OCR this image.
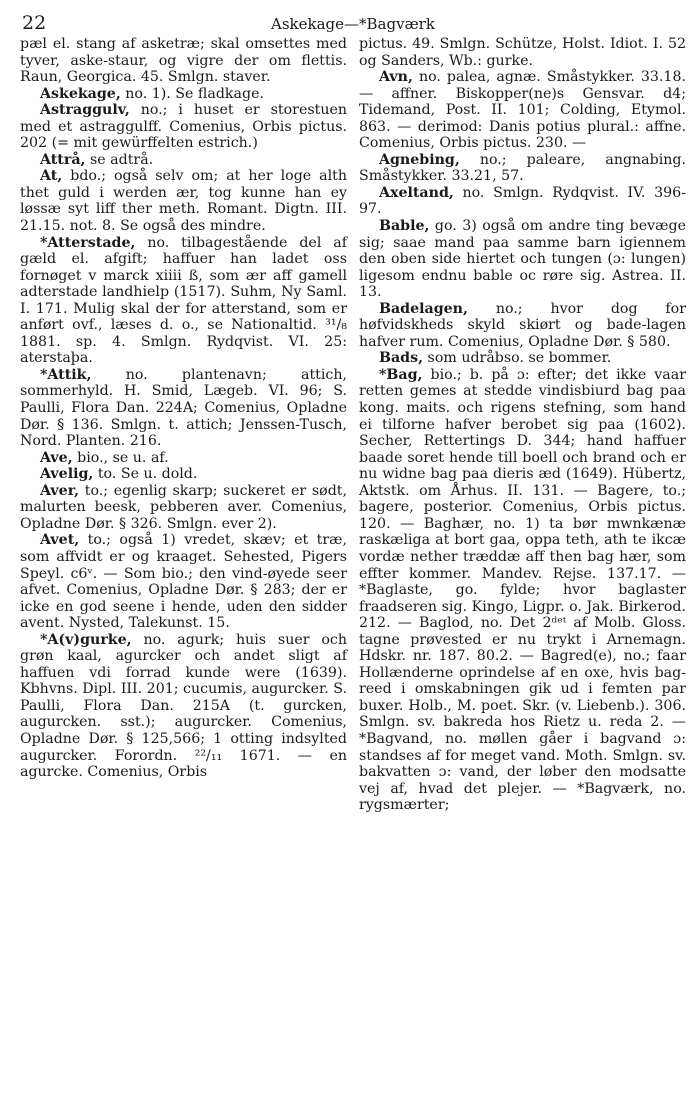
22	Askekage—*Bagværk

pæl el. stang af asketræ; skal omsettes med tyver, aske-staur, og vigre der om flettis. Raun, Georgica. 45. Smlgn. staver.

Askekage, no. 1). Se fladkage.

Astraggulv, no.; i huset er storestuen med et astraggulff. Comenius, Orbis pictus. 202 (= mit gewürffelten estrich.)

Attrå, se adtrå.

At, bdo.; også selv om; at her loge alth thet guld i werden ær, tog kunne han ey løssæ syt liff ther meth. Romant. Digtn. III. 21.15. not. 8. Se også des mindre.

*Atterstade, no. tilbagestående del af gæld el. afgift; haffuer han ladet oss fornøget v marck xiiii ß, som ær aff gamell adterstade landhielp (1517). Suhm, Ny Saml. I. 171. Mulig skal der for atterstand, som er anført ovf., læses d. o., se Nationaltid. ³¹/₈ 1881. sp. 4. Smlgn. Rydqvist. VI. 25: aterstaþa.

*Attik, no. plantenavn; attich, sommerhyld. H. Smid, Lægeb. VI. 96; S. Paulli, Flora Dan. 224A; Comenius, Opladne Dør. § 136. Smlgn. t. attich; Jenssen-Tusch, Nord. Planten. 216.

Ave, bio., se u. af.

Avelig, to. Se u. dold.

Aver, to.; egenlig skarp; suckeret er sødt, malurten beesk, pebberen aver. Comenius, Opladne Dør. § 326. Smlgn. ever 2).

Avet, to.; også 1) vredet, skæv; et træ, som affvidt er og kraaget. Sehested, Pigers Speyl. c6ᵛ. — Som bio.; den vind-øyede seer afvet. Comenius, Opladne Dør. § 283; der er icke en god seene i hende, uden den sidder avent. Nysted, Talekunst. 15.

*A(v)gurke, no. agurk; huis suer och grøn kaal, agurcker och andet sligt af haffuen vdi forrad kunde were (1639). Kbhvns. Dipl. III. 201; cucumis, augurcker. S. Paulli, Flora Dan. 215A (t. gurcken, augurcken. sst.); augurcker. Comenius, Opladne Dør. § 125,566; 1 otting indsylted augurcker. Forordn. ²²/₁₁ 1671. — en agurcke. Comenius, Orbis

pictus. 49. Smlgn. Schütze, Holst. Idiot. I. 52 og Sanders, Wb.: gurke.

Avn, no. palea, agnæ. Småstykker. 33.18. — affner. Biskopper(ne)s Gensvar. d4; Tidemand, Post. II. 101; Colding, Etymol. 863. — derimod: Danis potius plural.: affne. Comenius, Orbis pictus. 230. —

Agnebing, no.; paleare, angnabing. Småstykker. 33.21, 57.

Axeltand, no. Smlgn. Rydqvist. IV. 396-97.

Bable, go. 3) også om andre ting bevæge sig; saae mand paa samme barn igiennem den oben side hiertet och tungen (ɔ: lungen) ligesom endnu bable oc røre sig. Astrea. II. 13.

Badelagen, no.; hvor dog for høfvidskheds skyld skiørt og bade-lagen hafver rum. Comenius, Opladne Dør. § 580.

Bads, som udråbso. se bommer.

*Bag, bio.; b. på ɔ: efter; det ikke vaar retten gemes at stedde vindisbiurd bag paa kong. maits. och rigens stefning, som hand ei tilforne hafver berobet sig paa (1602). Secher, Rettertings D. 344; hand haffuer baade soret hende till boell och brand och er nu widne bag paa dieris æd (1649). Hübertz, Aktstk. om Århus. II. 131. — Bagere, to.; bagere, posterior. Comenius, Orbis pictus. 120. — Baghær, no. 1) ta bør mwnkænæ raskæliga at bort gaa, oppa teth, ath te ikcæ vordæ nether træddæ aff then bag hær, som effter kommer. Mandev. Rejse. 137.17. — *Baglaste, go. fylde; hvor baglaster fraadseren sig. Kingo, Ligpr. o. Jak. Birkerod. 212. — Baglod, no. Det 2ᵈᵉᵗ af Molb. Gloss. tagne prøvested er nu trykt i Arnemagn. Hdskr. nr. 187. 80.2. — Bagred(e), no.; faar Hollænderne oprindelse af en oxe, hvis bag-reed i omskabningen gik ud i femten par buxer. Holb., M. poet. Skr. (v. Liebenb.). 306. Smlgn. sv. bakreda hos Rietz u. reda 2. — *Bagvand, no. møllen gåer i bagvand ɔ: standses af for meget vand. Moth. Smlgn. sv. bakvatten ɔ: vand, der løber den modsatte vej af, hvad det plejer. — *Bagværk, no. rygsmærter;
